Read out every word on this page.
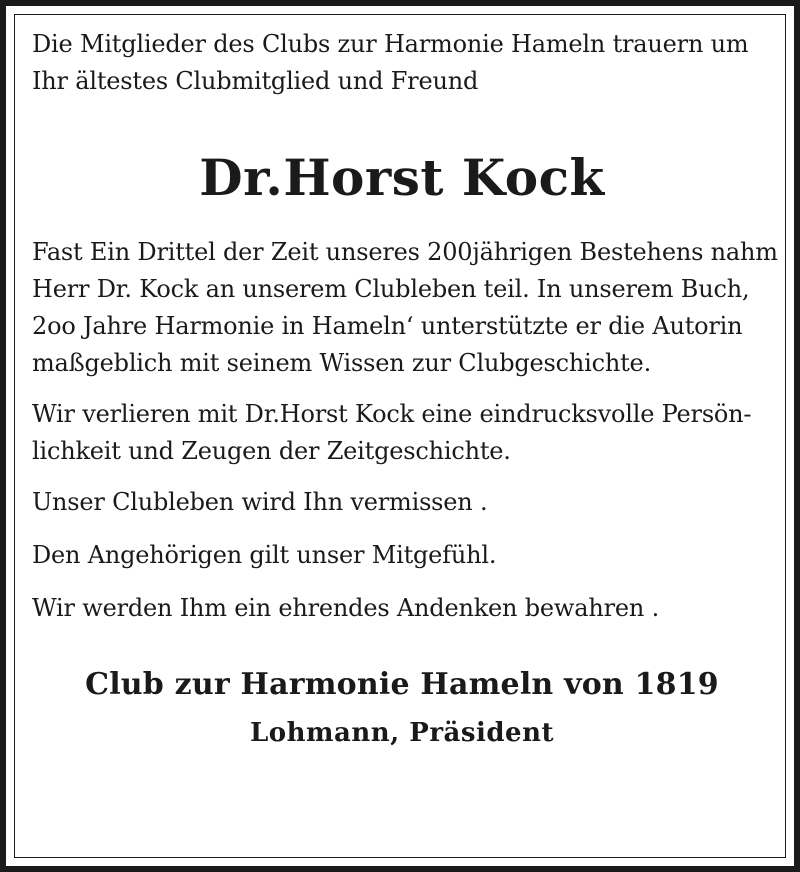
Die Mitglieder des Clubs zur Harmonie Hameln trauern um

Ihr ältestes Clubmitglied und Freund

Dr.Horst Kock

Fast Ein Drittel der Zeit unseres 200jährigen Bestehens nahm

Herr Dr. Kock an unserem Clubleben teil. In unserem Buch,

2oo Jahre Harmonie in Hameln‘ unterstützte er die Autorin

maßgeblich mit seinem Wissen zur Clubgeschichte.

Wir verlieren mit Dr.Horst Kock eine eindrucksvolle Persön-

lichkeit und Zeugen der Zeitgeschichte.

Unser Clubleben wird Ihn vermissen .

Den Angehörigen gilt unser Mitgefühl.

Wir werden Ihm ein ehrendes Andenken bewahren .

Club zur Harmonie Hameln von 1819
Lohmann, Präsident
